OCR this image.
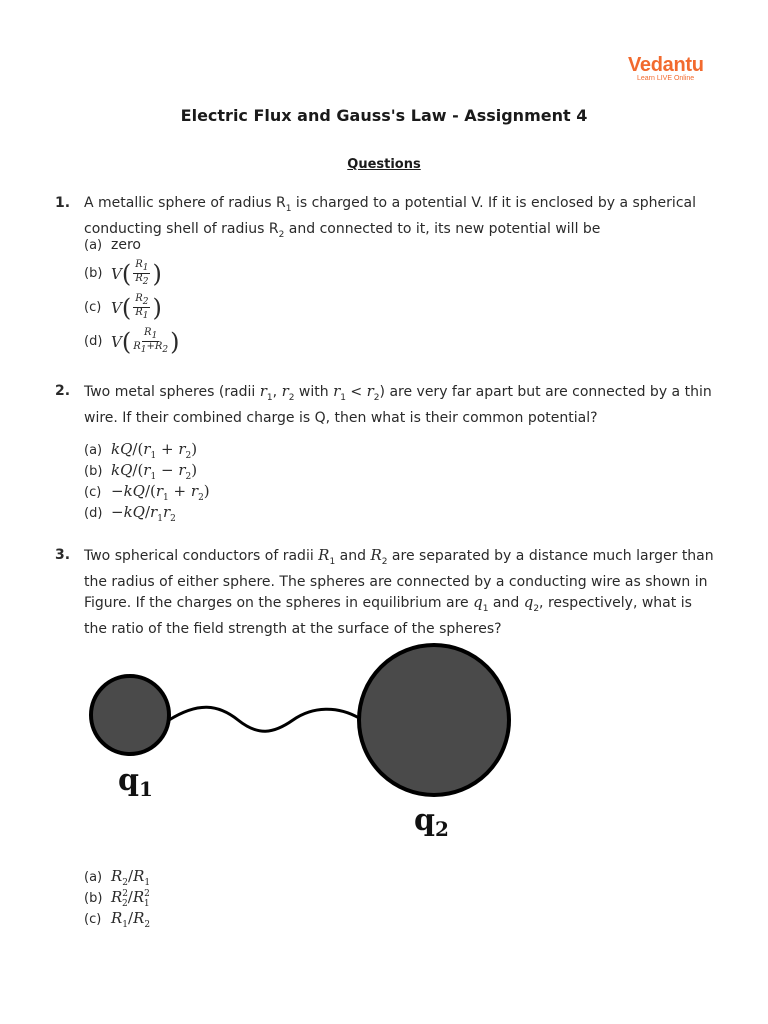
Vedantu
Learn LIVE Online
Electric Flux and Gauss's Law - Assignment 4
Questions
1. A metallic sphere of radius $R_1$ is charged to a potential V. If it is enclosed by a spherical conducting shell of radius $R_2$ and connected to it, its new potential will be
(a) zero
(b) V ( $\frac{R_1}{R_2}$ )
(c) V ( $\frac{R_2}{R_1}$ )
(d) V ( $\frac{R_1}{R_1+R_2}$ )
2. Two metal spheres (radii $r_1$, $r_2$ with $r_1 < r_2$) are very far apart but are connected by a thin wire. If their combined charge is Q, then what is their common potential?
(a) $kQ/(r_1 + r_2)$
(b) $kQ/(r_1 - r_2)$
$(c) -kQ/(r_1 + r_2)$
$(d) -kQ/r_1r_2$
3. Two spherical conductors of radii $R_1$ and $R_2$ are separated by a distance much larger than the radius of either sphere. The spheres are connected by a conducting wire as shown in Figure. If the charges on the spheres in equilibrium are $q_1$ and $q_2$, respectively, what is the ratio of the field strength at the surface of the spheres?
$q_1$
$q_2$
(a) $R_2/R_1$
(b) $R^2_2/R^2_1$
(c) $R_1/R_2$
